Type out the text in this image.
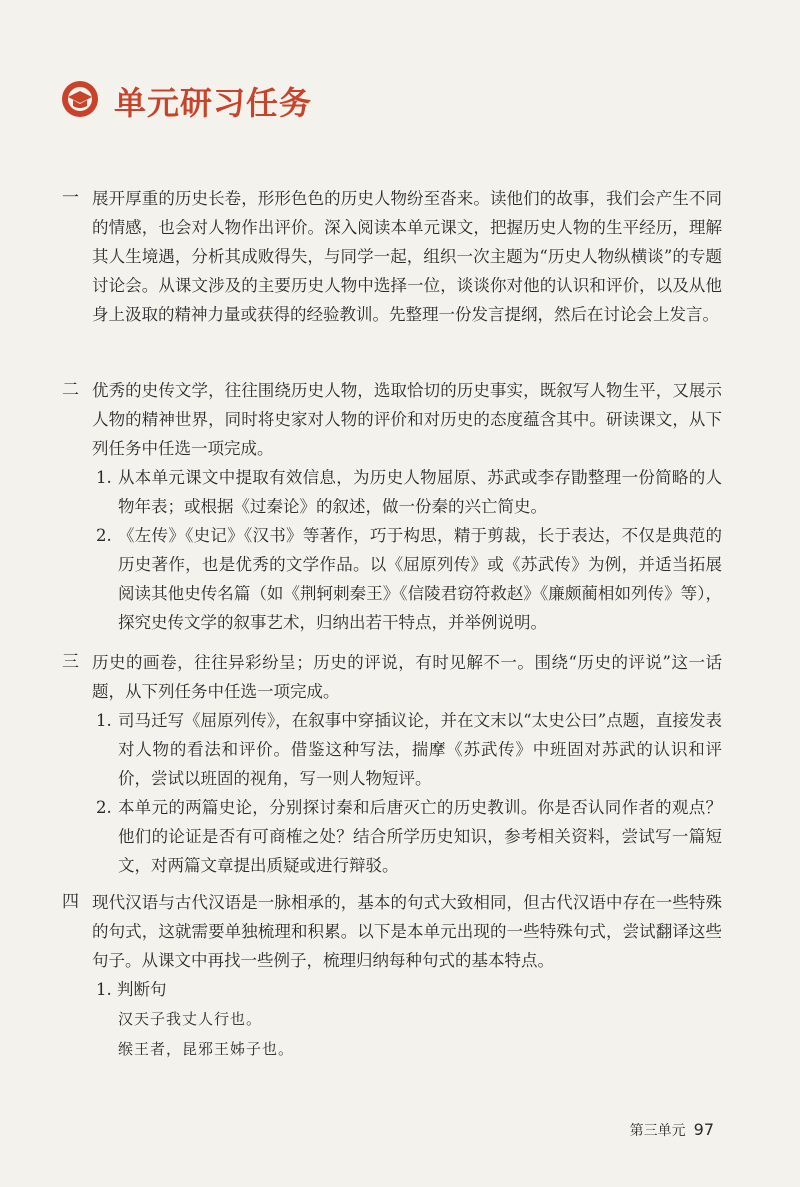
单元研习任务
一 展开厚重的历史长卷，形形色色的历史人物纷至沓来。读他们的故事，我们会产生不同的情感，也会对人物作出评价。深入阅读本单元课文，把握历史人物的生平经历，理解其人生境遇，分析其成败得失，与同学一起，组织一次主题为“历史人物纵横谈”的专题讨论会。从课文涉及的主要历史人物中选择一位，谈谈你对他的认识和评价，以及从他身上汲取的精神力量或获得的经验教训。先整理一份发言提纲，然后在讨论会上发言。
二 优秀的史传文学，往往围绕历史人物，选取恰切的历史事实，既叙写人物生平，又展示人物的精神世界，同时将史家对人物的评价和对历史的态度蕴含其中。研读课文，从下列任务中任选一项完成。
1. 从本单元课文中提取有效信息，为历史人物屈原、苏武或李存勖整理一份简略的人物年表；或根据《过秦论》的叙述，做一份秦的兴亡简史。
2. 《左传》《史记》《汉书》等著作，巧于构思，精于剪裁，长于表达，不仅是典范的历史著作，也是优秀的文学作品。以《屈原列传》或《苏武传》为例，并适当拓展阅读其他史传名篇（如《荆轲刺秦王》《信陵君窃符救赵》《廉颇蔺相如列传》等），探究史传文学的叙事艺术，归纳出若干特点，并举例说明。
三 历史的画卷，往往异彩纷呈；历史的评说，有时见解不一。围绕“历史的评说”这一话题，从下列任务中任选一项完成。
1. 司马迁写《屈原列传》，在叙事中穿插议论，并在文末以“太史公曰”点题，直接发表对人物的看法和评价。借鉴这种写法，揣摩《苏武传》中班固对苏武的认识和评价，尝试以班固的视角，写一则人物短评。
2. 本单元的两篇史论，分别探讨秦和后唐灭亡的历史教训。你是否认同作者的观点？他们的论证是否有可商榷之处？结合所学历史知识，参考相关资料，尝试写一篇短文，对两篇文章提出质疑或进行辩驳。
四 现代汉语与古代汉语是一脉相承的，基本的句式大致相同，但古代汉语中存在一些特殊的句式，这就需要单独梳理和积累。以下是本单元出现的一些特殊句式，尝试翻译这些句子。从课文中再找一些例子，梳理归纳每种句式的基本特点。
1. 判断句
汉天子我丈人行也。
缑王者，昆邪王姊子也。
第三单元 97
